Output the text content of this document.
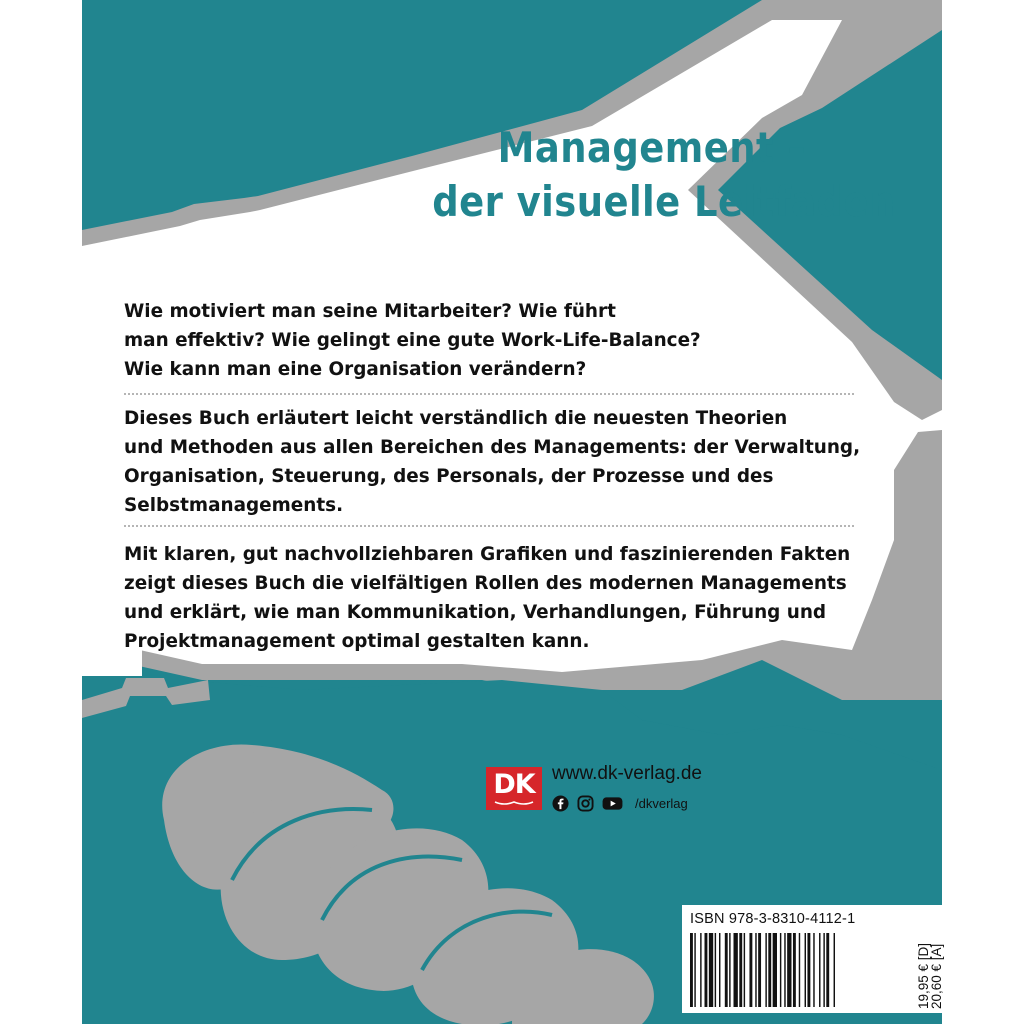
Management –
der visuelle Leitfaden
Wie motiviert man seine Mitarbeiter? Wie führt
man effektiv? Wie gelingt eine gute Work-Life-Balance?
Wie kann man eine Organisation verändern?
Dieses Buch erläutert leicht verständlich die neuesten Theorien
und Methoden aus allen Bereichen des Managements: der Verwaltung,
Organisation, Steuerung, des Personals, der Prozesse und des
Selbstmanagements.
Mit klaren, gut nachvollziehbaren Grafiken und faszinierenden Fakten
zeigt dieses Buch die vielfältigen Rollen des modernen Managements
und erklärt, wie man Kommunikation, Verhandlungen, Führung und
Projektmanagement optimal gestalten kann.
DK www.dk-verlag.de
/dkverlag
ISBN 978-3-8310-4112-1
19,95 € [D]
20,60 € [A]
